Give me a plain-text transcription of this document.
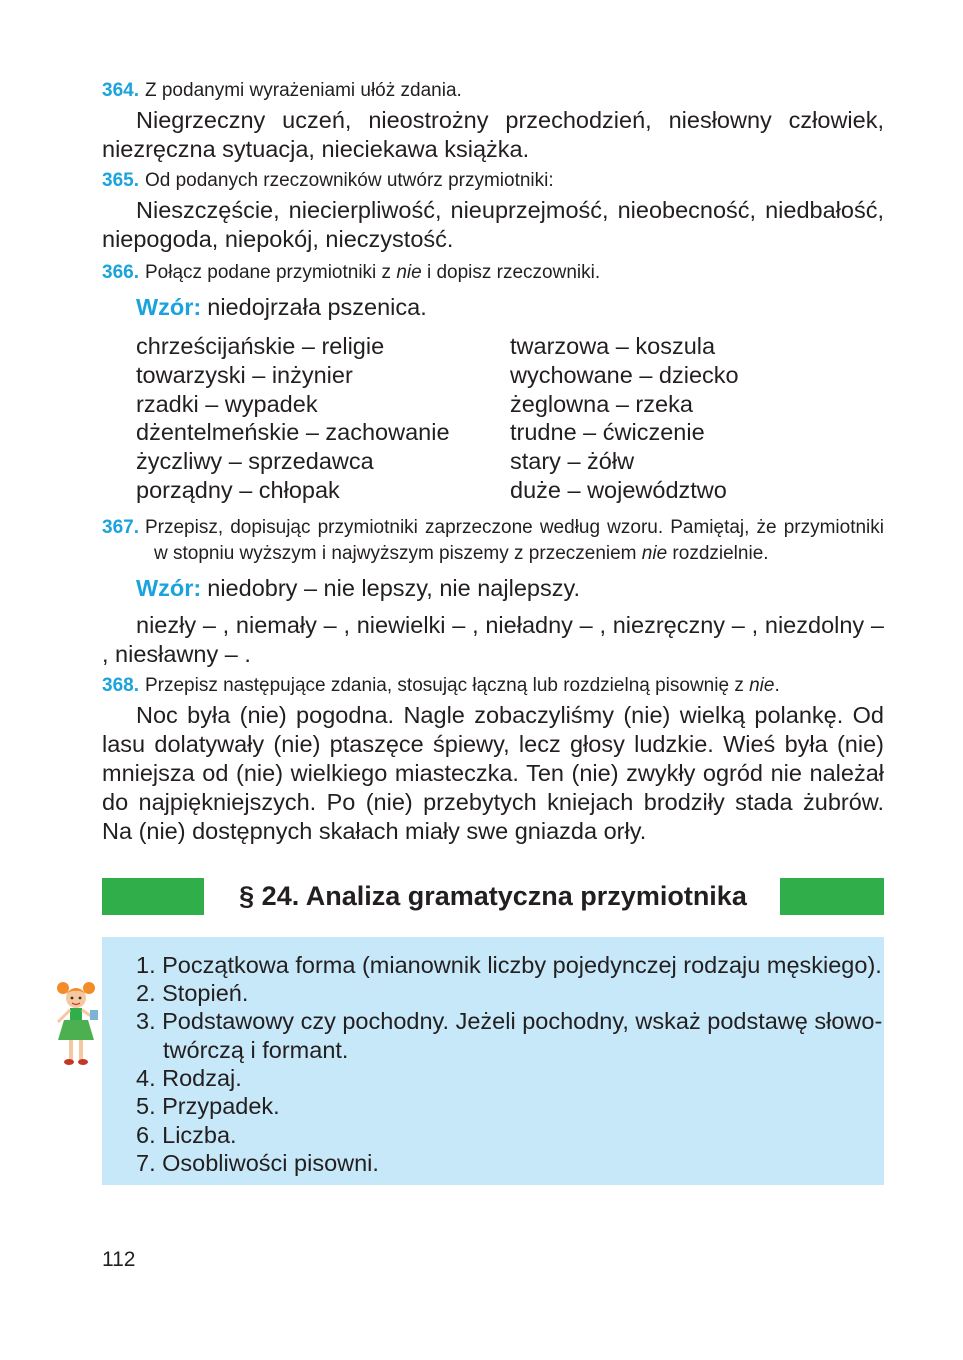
364. Z podanymi wyrażeniami ułóż zdania.

Niegrzeczny uczeń, nieostrożny przechodzień, niesłowny człowiek, niezręczna sytuacja, nieciekawa książka.

365. Od podanych rzeczowników utwórz przymiotniki:

Nieszczęście, niecierpliwość, nieuprzejmość, nieobecność, niedbałość, niepogoda, niepokój, nieczystość.

366. Połącz podane przymiotniki z nie i dopisz rzeczowniki.

Wzór: niedojrzała pszenica.

chrześcijańskie – religie
towarzyski – inżynier
rzadki – wypadek
dżentelmeńskie – zachowanie
życzliwy – sprzedawca
porządny – chłopak
twarzowa – koszula
wychowane – dziecko
żeglowna – rzeka
trudne – ćwiczenie
stary – żółw
duże – województwo

367. Przepisz, dopisując przymiotniki zaprzeczone według wzoru. Pamiętaj, że przymiotniki w stopniu wyższym i najwyższym piszemy z przeczeniem nie rozdzielnie.

Wzór: niedobry – nie lepszy, nie najlepszy.

niezły – , niemały – , niewielki – , nieładny – , niezręczny – , niezdolny – , niesławny – .

368. Przepisz następujące zdania, stosując łączną lub rozdzielną pisownię z nie.

Noc była (nie) pogodna. Nagle zobaczyliśmy (nie) wielką polankę. Od lasu dolatywały (nie) ptaszęce śpiewy, lecz głosy ludzkie. Wieś była (nie) mniejsza od (nie) wielkiego miasteczka. Ten (nie) zwykły ogród nie należał do najpiękniejszych. Po (nie) przebytych kniejach brodziły stada żubrów. Na (nie) dostępnych skałach miały swe gniazda orły.

§ 24. Analiza gramatyczna przymiotnika
1. Początkowa forma (mianownik liczby pojedynczej rodzaju męskiego).
2. Stopień.
3. Podstawowy czy pochodny. Jeżeli pochodny, wskaż podstawę słowo-
twórczą i formant.
4. Rodzaj.
5. Przypadek.
6. Liczba.
7. Osobliwości pisowni.
112
